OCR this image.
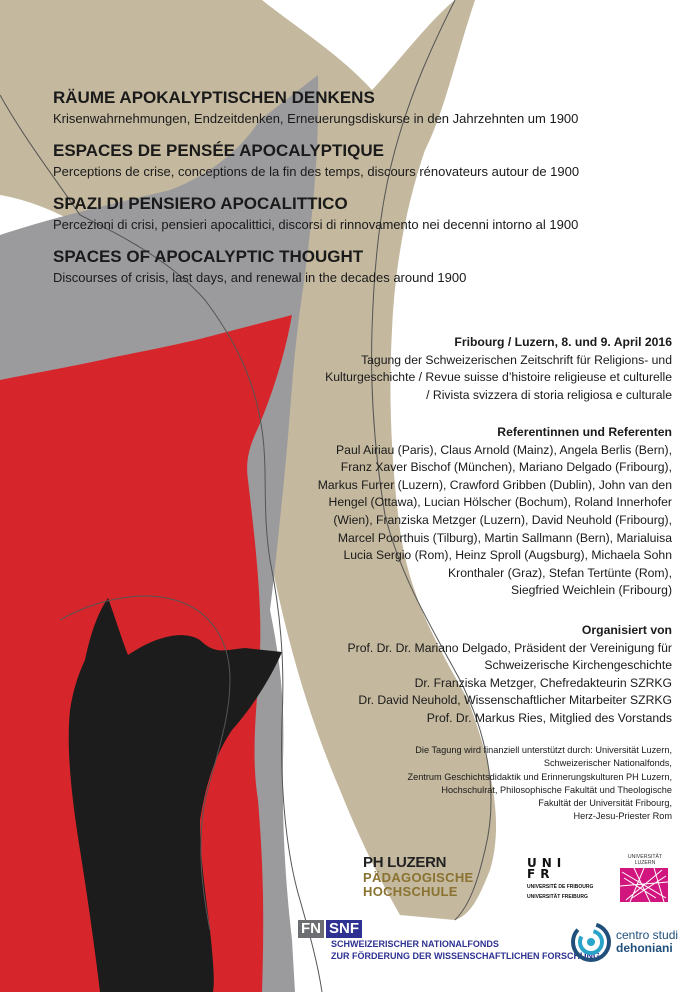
RÄUME APOKALYPTISCHEN DENKENS
Krisenwahrnehmungen, Endzeitdenken, Erneuerungsdiskurse in den Jahrzehnten um 1900
ESPACES DE PENSÉE APOCALYPTIQUE
Perceptions de crise, conceptions de la fin des temps, discours rénovateurs autour de 1900
SPAZI DI PENSIERO APOCALITTICO
Percezioni di crisi, pensieri apocalittici, discorsi di rinnovamento nei decenni intorno al 1900
SPACES OF APOCALYPTIC THOUGHT
Discourses of crisis, last days, and renewal in the decades around 1900
Fribourg / Luzern, 8. und 9. April 2016
Tagung der Schweizerischen Zeitschrift für Religions- und
Kulturgeschichte / Revue suisse d’histoire religieuse et culturelle
/ Rivista svizzera di storia religiosa e culturale
Referentinnen und Referenten
Paul Airiau (Paris), Claus Arnold (Mainz), Angela Berlis (Bern),
Franz Xaver Bischof (München), Mariano Delgado (Fribourg),
Markus Furrer (Luzern), Crawford Gribben (Dublin), John van den
Hengel (Ottawa), Lucian Hölscher (Bochum), Roland Innerhofer
(Wien), Franziska Metzger (Luzern), David Neuhold (Fribourg),
Marcel Poorthuis (Tilburg), Martin Sallmann (Bern), Marialuisa
Lucia Sergio (Rom), Heinz Sproll (Augsburg), Michaela Sohn
Kronthaler (Graz), Stefan Tertünte (Rom),
Siegfried Weichlein (Fribourg)
Organisiert von
Prof. Dr. Dr. Mariano Delgado, Präsident der Vereinigung für
Schweizerische Kirchengeschichte
Dr. Franziska Metzger, Chefredakteurin SZRKG
Dr. David Neuhold, Wissenschaftlicher Mitarbeiter SZRKG
Prof. Dr. Markus Ries, Mitglied des Vorstands
Die Tagung wird finanziell unterstützt durch: Universität Luzern,
Schweizerischer Nationalfonds,
Zentrum Geschichtsdidaktik und Erinnerungskulturen PH Luzern,
Hochschulrat, Philosophische Fakultät und Theologische
Fakultät der Universität Fribourg,
Herz-Jesu-Priester Rom
PH LUZERN
PÄDAGOGISCHE
HOCHSCHULE
UNI
FR
UNIVERSITÉ DE FRIBOURG
UNIVERSITÄT FREIBURG
UNIVERSITÄT
LUZERN
FN SNF
SCHWEIZERISCHER NATIONALFONDS
ZUR FÖRDERUNG DER WISSENSCHAFTLICHEN FORSCHUNG
centro studi
dehoniani
